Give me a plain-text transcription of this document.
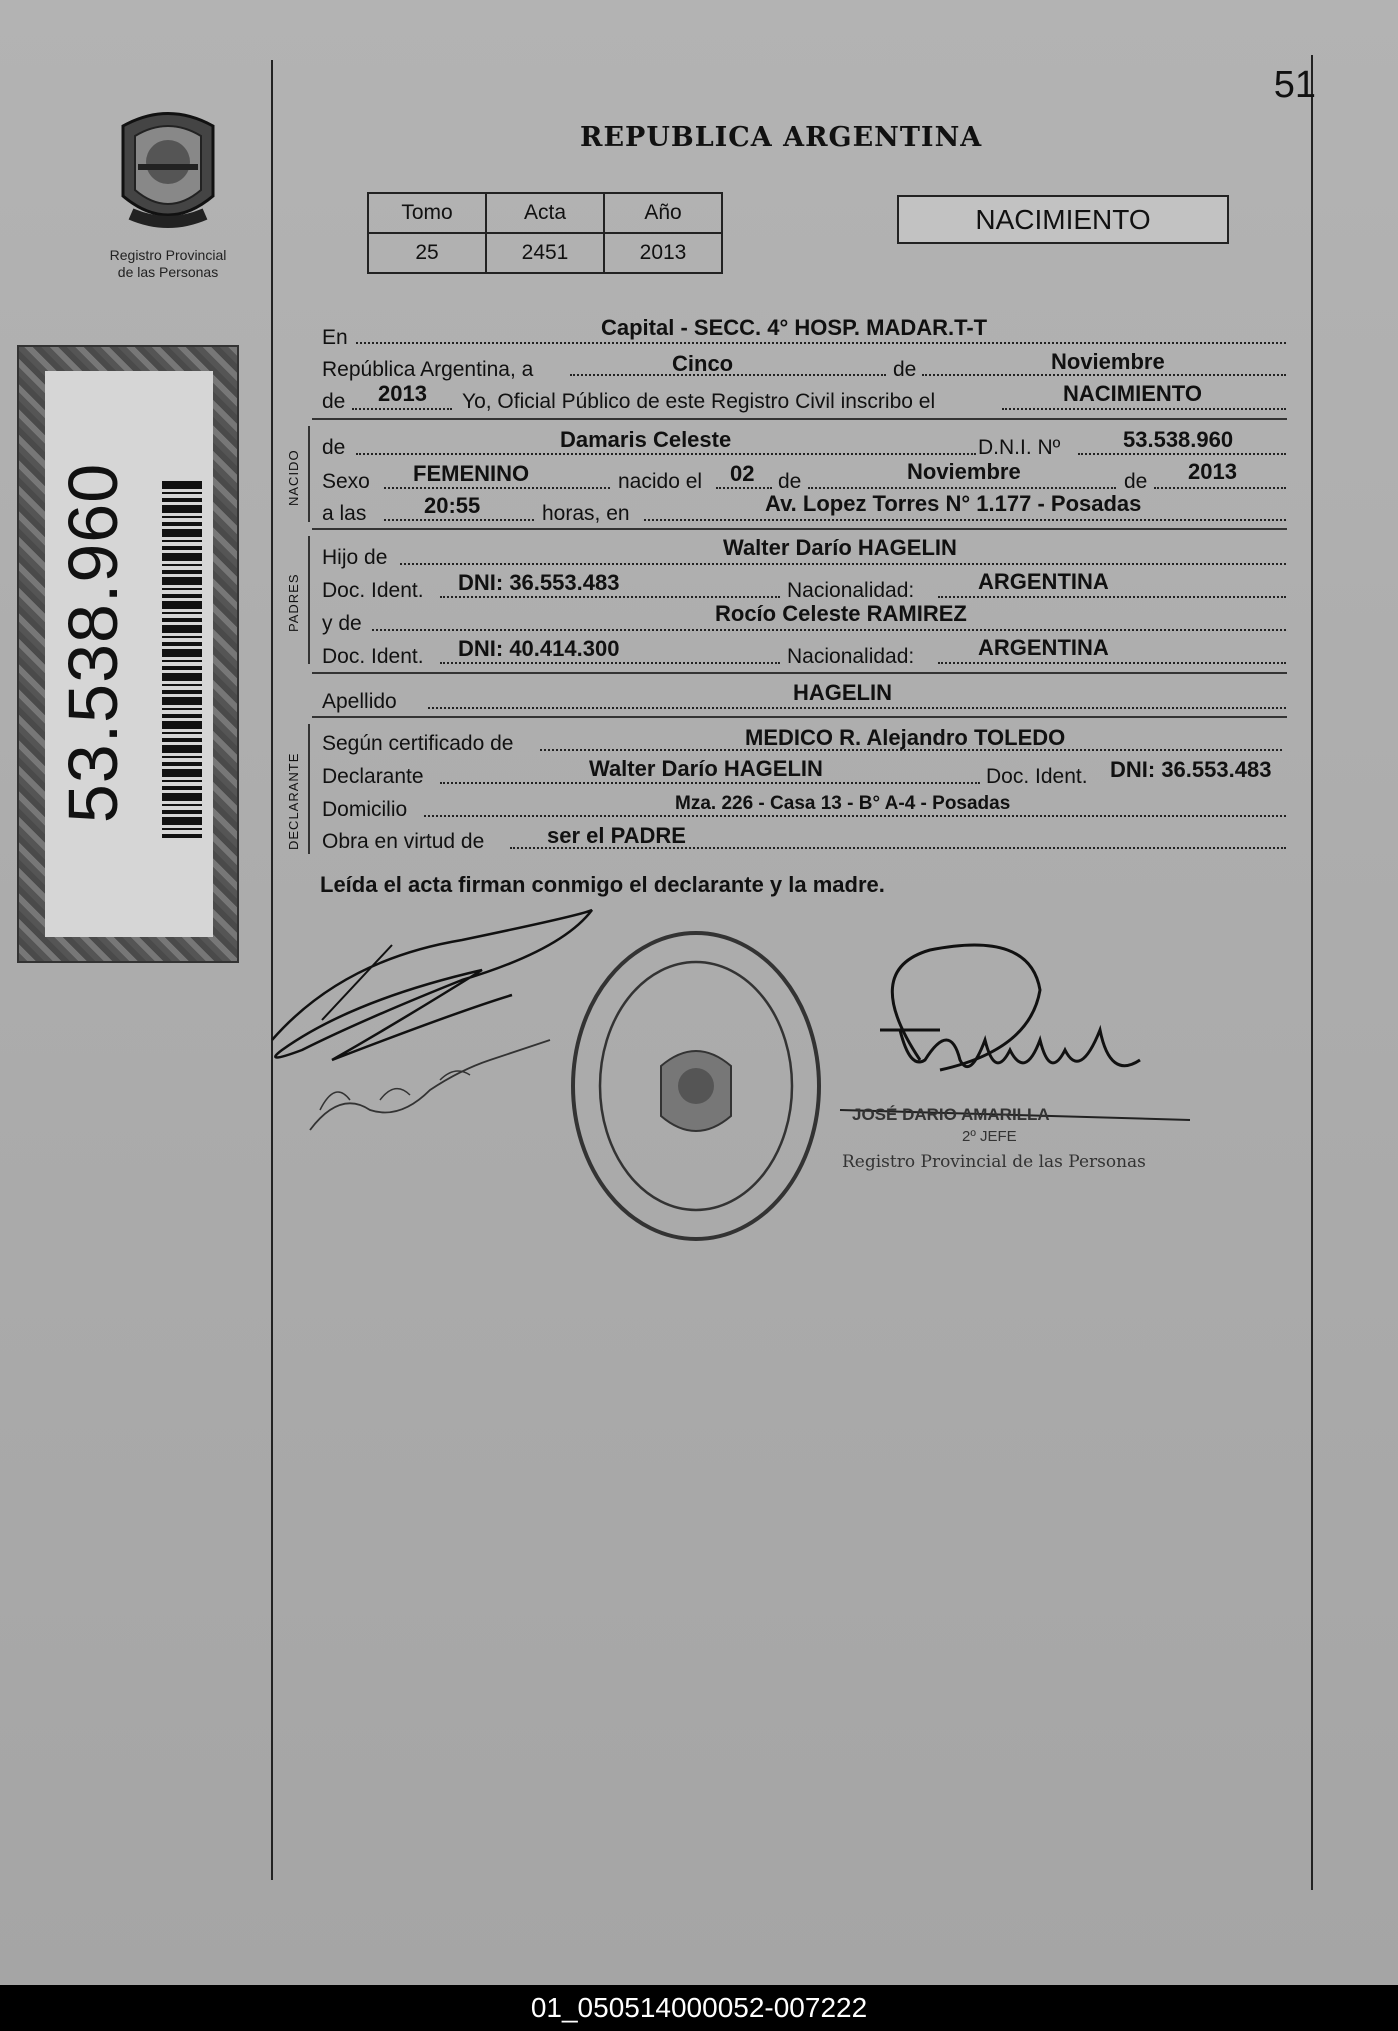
51
Registro Provincial
de las Personas
53.538.960
REPUBLICA ARGENTINA
Tomo	Acta	Año
25	2451	2013
NACIMIENTO
En	Capital - SECC. 4° HOSP. MADAR.T-T
República Argentina, a	Cinco	de	Noviembre
de 2013 Yo, Oficial Público de este Registro Civil inscribo el	NACIMIENTO
NACIDO
de	Damaris Celeste	D.N.I. Nº	53.538.960
Sexo FEMENINO	nacido el 02 de	Noviembre	de 2013
a las	20:55	horas, en	Av. Lopez Torres N° 1.177 - Posadas
PADRES
Hijo de	Walter Darío HAGELIN
Doc. Ident. DNI: 36.553.483	Nacionalidad:	ARGENTINA
y de	Rocío Celeste RAMIREZ
Doc. Ident. DNI: 40.414.300	Nacionalidad:	ARGENTINA
Apellido	HAGELIN
DECLARANTE
Según certificado de	MEDICO R. Alejandro TOLEDO
Declarante	Walter Darío HAGELIN	Doc. Ident. DNI: 36.553.483
Domicilio	Mza. 226 - Casa 13 - B° A-4 - Posadas
Obra en virtud de	ser el PADRE
Leída el acta firman conmigo el declarante y la madre.
JOSÉ DARIO AMARILLA
2º JEFE
Registro Provincial de las Personas
01_050514000052-007222
